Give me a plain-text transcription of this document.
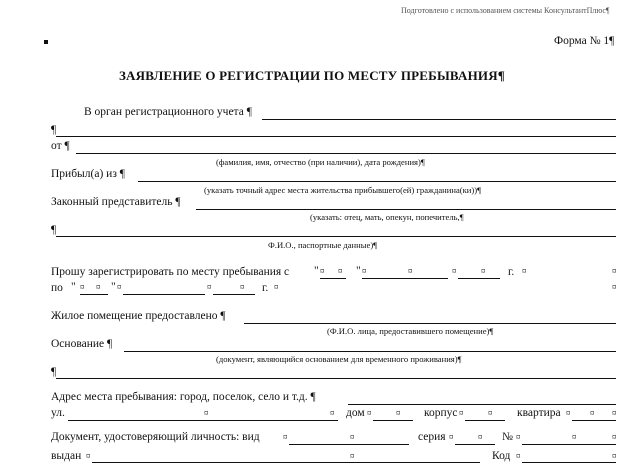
Подготовлено с использованием системы КонсультантПлюс¶
Форма № 1¶
ЗАЯВЛЕНИЕ О РЕГИСТРАЦИИ ПО МЕСТУ ПРЕБЫВАНИЯ¶
В орган регистрационного учета ¶
¶
от ¶
(фамилия, имя, отчество (при наличии), дата рождения)¶
Прибыл(а) из ¶
(указать точный адрес места жительства прибывшего(ей) гражданина(ки))¶
Законный представитель ¶
(указать: отец, мать, опекун, попечитель,¶
¶
Ф.И.О., паспортные данные)¶
Прошу зарегистрировать по месту пребывания с " ¤ ¤ " ¤	¤	¤	¤ г. ¤	¤
по " ¤ ¤ " ¤	¤	¤ г. ¤	¤
Жилое помещение предоставлено ¶
(Ф.И.О. лица, предоставившего помещение)¶
Основание ¶
(документ, являющийся основанием для временного проживания)¶
¶
Адрес места пребывания: город, поселок, село и т.д. ¶
ул.	¤	¤ дом ¤	¤ корпус ¤	¤ квартира ¤ ¤ ¤
Документ, удостоверяющий личность: вид	¤	¤	серия ¤	¤ № ¤	¤	¤
выдан ¤	¤	Код ¤	¤
